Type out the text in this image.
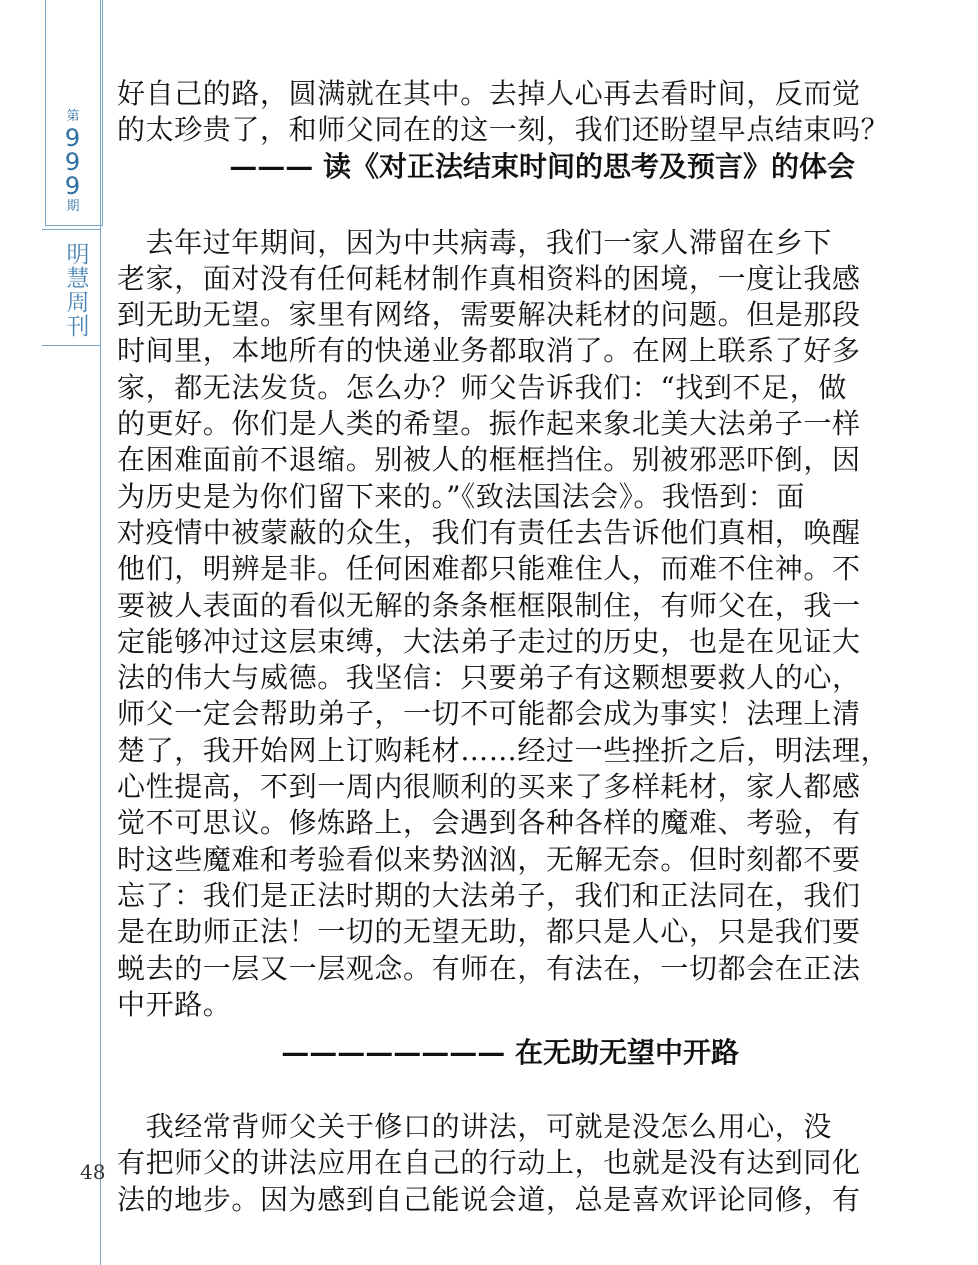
第
9
9
9
期
明
慧
周
刊
48
好自己的路，圆满就在其中。去掉人心再去看时间，反而觉
的太珍贵了，和师父同在的这一刻，我们还盼望早点结束吗？
——— 读《对正法结束时间的思考及预言》的体会
　去年过年期间，因为中共病毒，我们一家人滞留在乡下
老家，面对没有任何耗材制作真相资料的困境，一度让我感
到无助无望。家里有网络，需要解决耗材的问题。但是那段
时间里，本地所有的快递业务都取消了。在网上联系了好多
家，都无法发货。怎么办？师父告诉我们：“找到不足，做
的更好。你们是人类的希望。振作起来象北美大法弟子一样
在困难面前不退缩。别被人的框框挡住。别被邪恶吓倒，因
为历史是为你们留下来的。”《致法国法会》。我悟到：面
对疫情中被蒙蔽的众生，我们有责任去告诉他们真相，唤醒
他们，明辨是非。任何困难都只能难住人，而难不住神。不
要被人表面的看似无解的条条框框限制住，有师父在，我一
定能够冲过这层束缚，大法弟子走过的历史，也是在见证大
法的伟大与威德。我坚信：只要弟子有这颗想要救人的心，
师父一定会帮助弟子，一切不可能都会成为事实！法理上清
楚了，我开始网上订购耗材……经过一些挫折之后，明法理，
心性提高，不到一周内很顺利的买来了多样耗材，家人都感
觉不可思议。修炼路上，会遇到各种各样的魔难、考验，有
时这些魔难和考验看似来势汹汹，无解无奈。但时刻都不要
忘了：我们是正法时期的大法弟子，我们和正法同在，我们
是在助师正法！一切的无望无助，都只是人心，只是我们要
蜕去的一层又一层观念。有师在，有法在，一切都会在正法
中开路。
———————— 在无助无望中开路
　我经常背师父关于修口的讲法，可就是没怎么用心，没
有把师父的讲法应用在自己的行动上，也就是没有达到同化
法的地步。因为感到自己能说会道，总是喜欢评论同修，有
